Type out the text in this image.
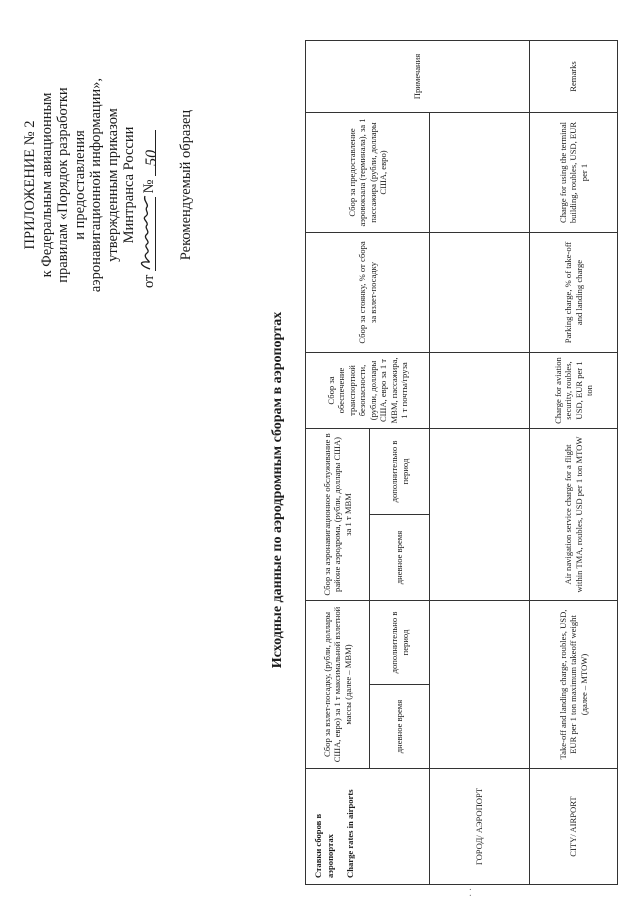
ПРИЛОЖЕНИЕ № 2 к Федеральным авиационным правилам «Порядок разработки и предоставления аэронавигационной информации», утвержденным приказом Минтранса России
от
№ 50 Рекомендуемый образец
Исходные данные по аэродромным сборам в аэропортах
Ставки сборов в аэропортах Charge rates in airports	Сбор за взлет-посадку, (рубли, доллары США, евро) за 1 т максимальной взлетной массы (далее – МВМ)		Сбор за аэронавигационное обслуживание в районе аэродрома, (рубли, доллары США) за 1 т МВМ		Сбор за обеспечение транспортной безопасности, (рубли, доллары США, евро за 1 т МВМ, пассажира, 1 т почты/груза	Сбор за стоянку, % от сбора за взлет-посадку	Сбор за предоставление аэровокзала (терминала), за 1 пассажира (рубли, доллары США, евро)	Примечания
	дневное время	дополнительно в период	дневное время	дополнительно в период				
ГОРОД/ АЭРОПОРТ								
CITY/ AIRPORT	Take-off and landing charge, roubles, USD, EUR per 1 ton maximum takeoff weight (далее – MTOW)		Air navigation service charge for a flight within TMA, roubles, USD per 1 ton MTOW		Charge for aviation security, roubles, USD, EUR per 1 ton	Parking charge, % of take-off and landing charge	Charge for using the terminal building, roubles, USD, EUR per 1	Remarks
· ·
